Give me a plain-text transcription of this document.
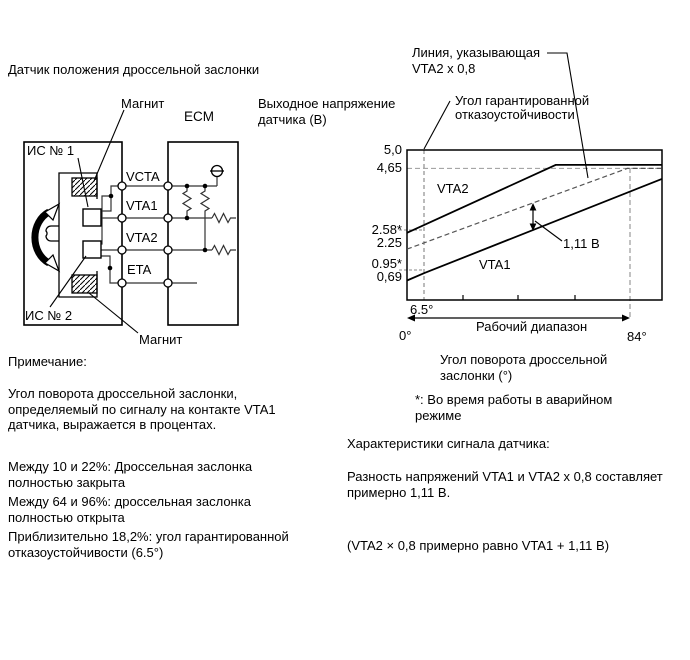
Датчик положения дроссельной заслонки
Магнит
ECM
ИС № 1
ИС № 2
Магнит
VCTA
VTA1
VTA2
ETA
Выходное напряжение датчика (В)
Линия, указывающая VTA2 x 0,8
Угол гарантированной отказоустойчивости
5,0
4,65
2.58*
2.25
0.95*
0,69
VTA2
VTA1
1,11 В
6.5°
Рабочий диапазон
0°	84°
Угол поворота дроссельной заслонки (°)
*: Во время работы в аварийном режиме
Примечание:
Угол поворота дроссельной заслонки, определяемый по сигналу на контакте VTA1 датчика, выражается в процентах.
Между 10 и 22%: Дроссельная заслонка полностью закрыта
Между 64 и 96%: дроссельная заслонка полностью открыта
Приблизительно 18,2%: угол гарантированной отказоустойчивости (6.5°)
Характеристики сигнала датчика:
Разность напряжений VTA1 и VTA2 x 0,8 составляет примерно 1,11 В.
(VTA2 × 0,8 примерно равно VTA1 + 1,11 В)
